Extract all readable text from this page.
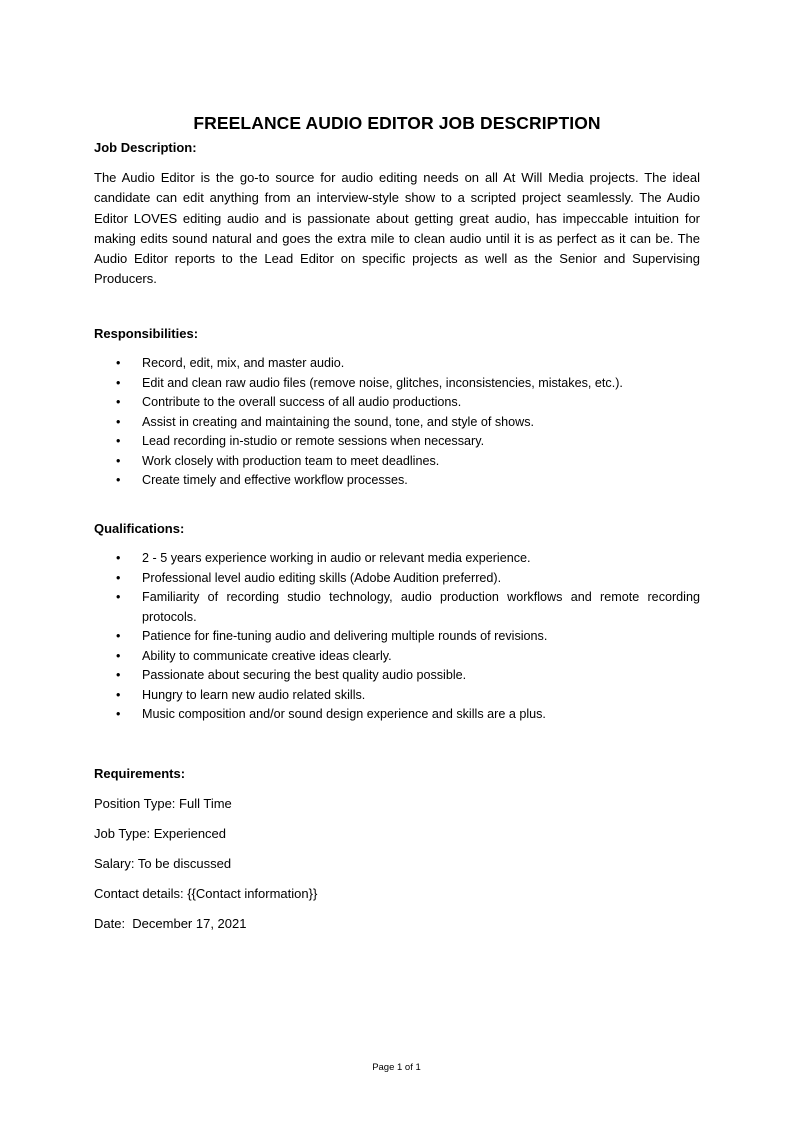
FREELANCE AUDIO EDITOR JOB DESCRIPTION
Job Description:

The Audio Editor is the go-to source for audio editing needs on all At Will Media projects. The ideal candidate can edit anything from an interview-style show to a scripted project seamlessly. The Audio Editor LOVES editing audio and is passionate about getting great audio, has impeccable intuition for making edits sound natural and goes the extra mile to clean audio until it is as perfect as it can be. The Audio Editor reports to the Lead Editor on specific projects as well as the Senior and Supervising Producers.

Responsibilities:
• Record, edit, mix, and master audio.
• Edit and clean raw audio files (remove noise, glitches, inconsistencies, mistakes, etc.).
• Contribute to the overall success of all audio productions.
• Assist in creating and maintaining the sound, tone, and style of shows.
• Lead recording in-studio or remote sessions when necessary.
• Work closely with production team to meet deadlines.
• Create timely and effective workflow processes.
Qualifications:
• 2 - 5 years experience working in audio or relevant media experience.
• Professional level audio editing skills (Adobe Audition preferred).
• Familiarity of recording studio technology, audio production workflows and remote recording protocols.
• Patience for fine-tuning audio and delivering multiple rounds of revisions.
• Ability to communicate creative ideas clearly.
• Passionate about securing the best quality audio possible.
• Hungry to learn new audio related skills.
• Music composition and/or sound design experience and skills are a plus.
Requirements:
Position Type: Full Time
Job Type: Experienced
Salary: To be discussed
Contact details: {{Contact information}}
Date:  December 17, 2021
Page 1 of 1
